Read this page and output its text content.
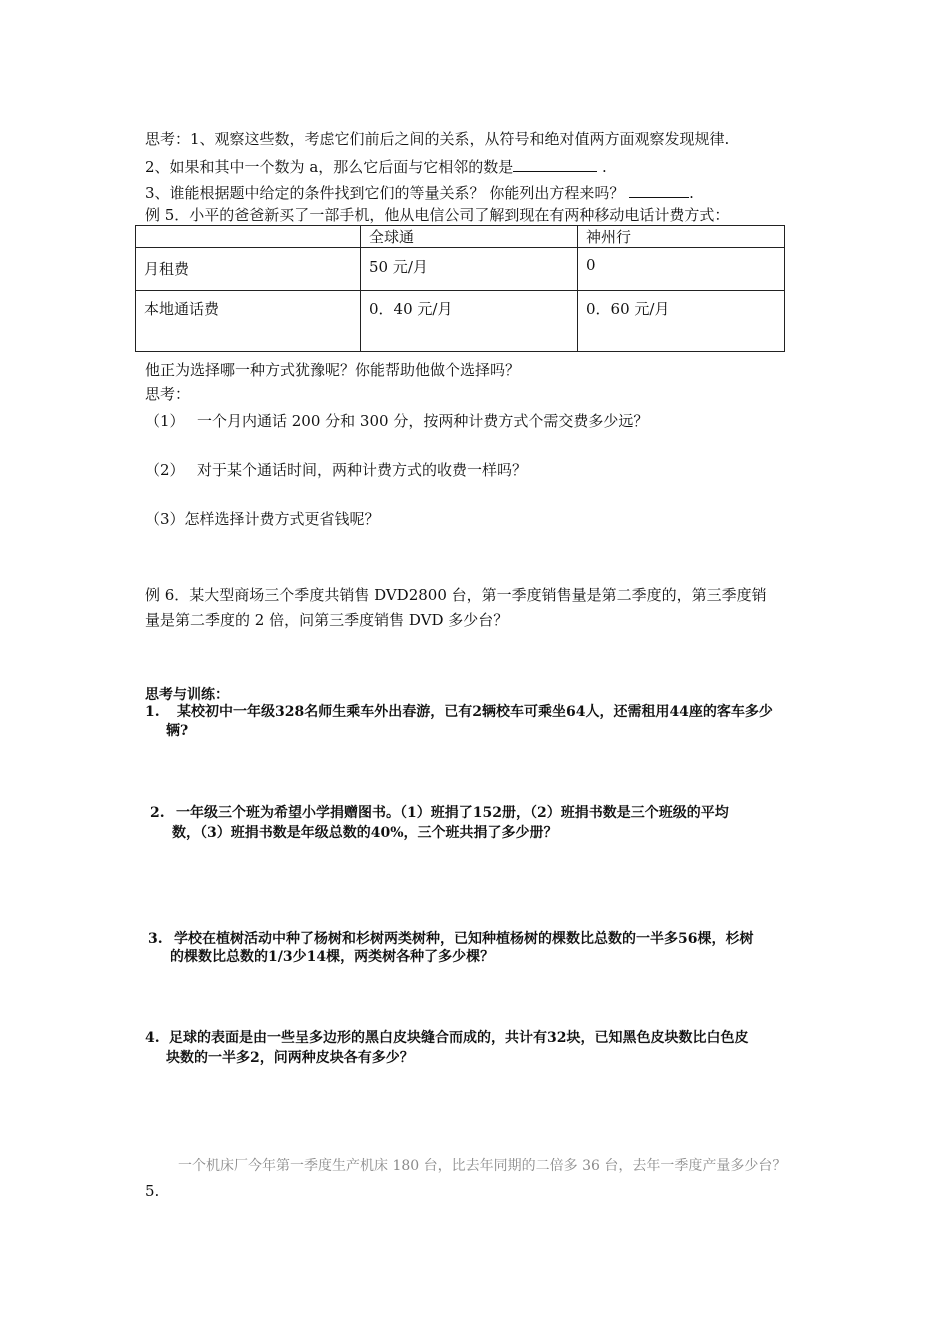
思考：1、观察这些数，考虑它们前后之间的关系，从符号和绝对值两方面观察发现规律.
2、如果和其中一个数为 a，那么它后面与它相邻的数是	.
3、谁能根据题中给定的条件找到它们的等量关系？ 你能列出方程来吗？	.
例 5．小平的爸爸新买了一部手机，他从电信公司了解到现在有两种移动电话计费方式：
	全球通	神州行
月租费	50 元/月	0
本地通话费	0．40 元/月	0．60 元/月
他正为选择哪一种方式犹豫呢？你能帮助他做个选择吗？
思考：
（1） 一个月内通话 200 分和 300 分，按两种计费方式个需交费多少远？
（2） 对于某个通话时间，两种计费方式的收费一样吗？
（3）怎样选择计费方式更省钱呢？
例 6．某大型商场三个季度共销售 DVD2800 台，第一季度销售量是第二季度的，第三季度销
量是第二季度的 2 倍，问第三季度销售 DVD 多少台？
思考与训练：
1. 某校初中一年级328名师生乘车外出春游，已有2辆校车可乘坐64人，还需租用44座的客车多少
辆?
2. 一年级三个班为希望小学捐赠图书。（1）班捐了152册，（2）班捐书数是三个班级的平均
数，（3）班捐书数是年级总数的40%，三个班共捐了多少册？
3. 学校在植树活动中种了杨树和杉树两类树种，已知种植杨树的棵数比总数的一半多56棵，杉树
的棵数比总数的1/3少14棵，两类树各种了多少棵？
4. 足球的表面是由一些呈多边形的黑白皮块缝合而成的，共计有32块，已知黑色皮块数比白色皮
块数的一半多2，问两种皮块各有多少？
一个机床厂今年第一季度生产机床 180 台，比去年同期的二倍多 36 台，去年一季度产量多少台？
5.
